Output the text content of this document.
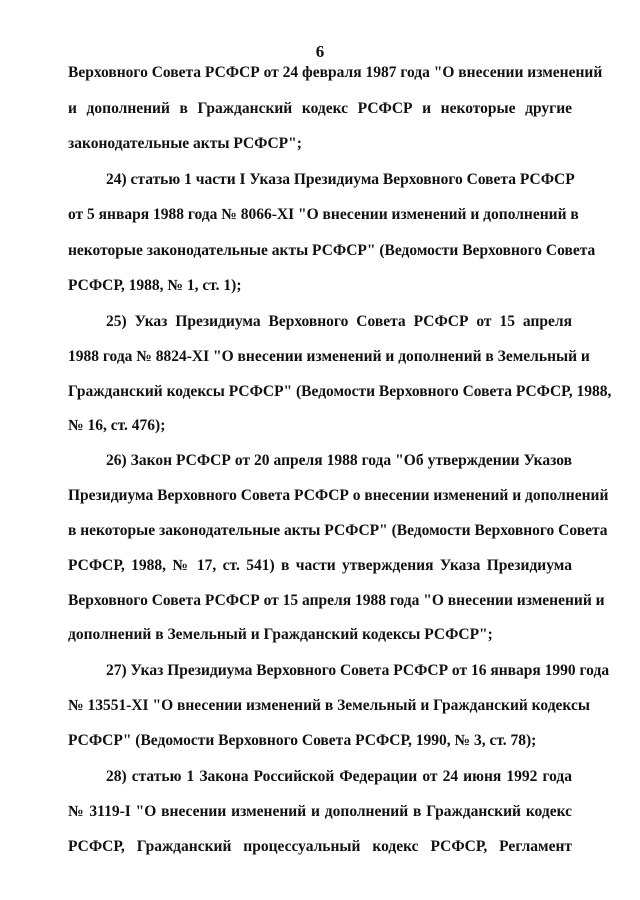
6
Верховного Совета РСФСР от 24 февраля 1987 года "О внесении изменений
и дополнений в Гражданский кодекс РСФСР и некоторые другие
законодательные акты РСФСР";
24) статью 1 части I Указа Президиума Верховного Совета РСФСР
от 5 января 1988 года № 8066-XI "О внесении изменений и дополнений в
некоторые законодательные акты РСФСР" (Ведомости Верховного Совета
РСФСР, 1988, № 1, ст. 1);
25) Указ Президиума Верховного Совета РСФСР от 15 апреля
1988 года № 8824-XI "О внесении изменений и дополнений в Земельный и
Гражданский кодексы РСФСР" (Ведомости Верховного Совета РСФСР, 1988,
№ 16, ст. 476);
26) Закон РСФСР от 20 апреля 1988 года "Об утверждении Указов
Президиума Верховного Совета РСФСР о внесении изменений и дополнений
в некоторые законодательные акты РСФСР" (Ведомости Верховного Совета
РСФСР, 1988, № 17, ст. 541) в части утверждения Указа Президиума
Верховного Совета РСФСР от 15 апреля 1988 года "О внесении изменений и
дополнений в Земельный и Гражданский кодексы РСФСР";
27) Указ Президиума Верховного Совета РСФСР от 16 января 1990 года
№ 13551-XI "О внесении изменений в Земельный и Гражданский кодексы
РСФСР" (Ведомости Верховного Совета РСФСР, 1990, № 3, ст. 78);
28) статью 1 Закона Российской Федерации от 24 июня 1992 года
№ 3119-I "О внесении изменений и дополнений в Гражданский кодекс
РСФСР, Гражданский процессуальный кодекс РСФСР, Регламент
